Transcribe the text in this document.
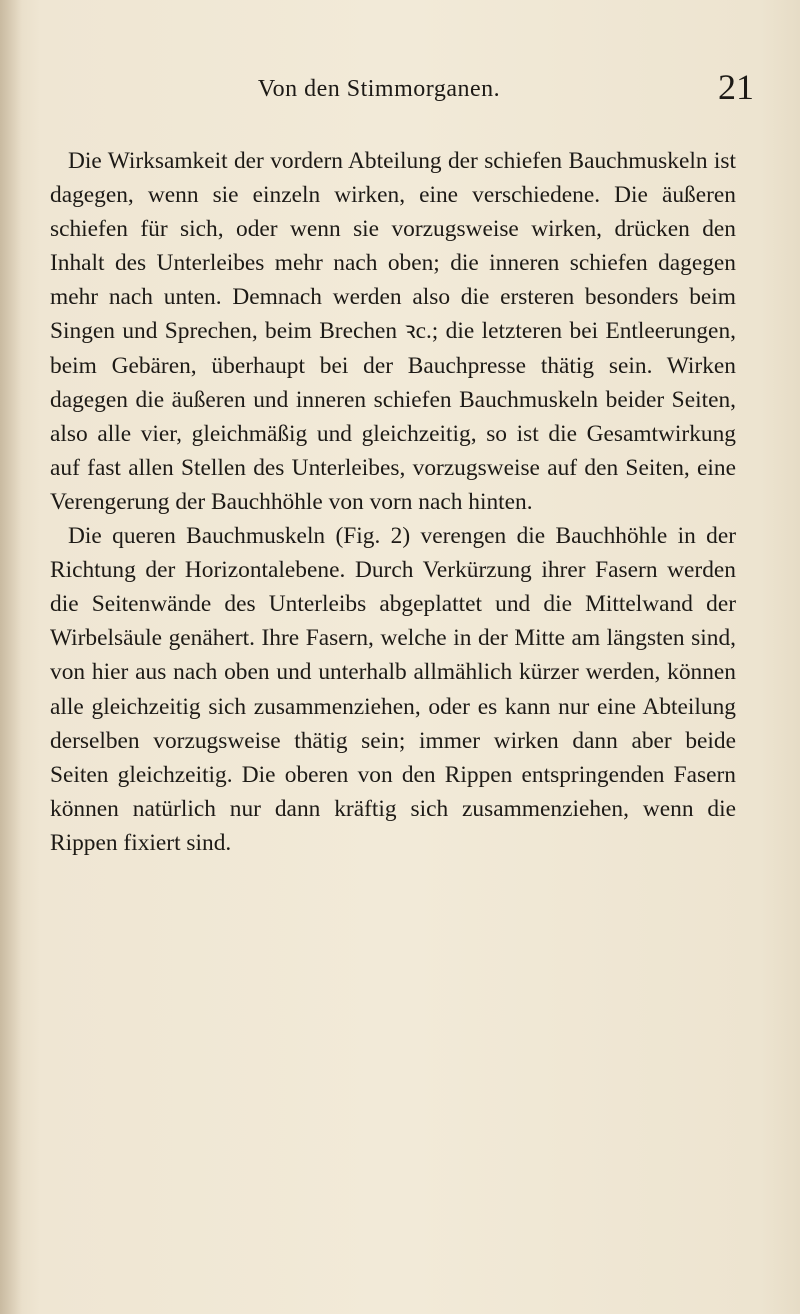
Von den Stimmorganen.	21

Die Wirksamkeit der vordern Abteilung der schiefen Bauchmuskeln ist dagegen, wenn sie einzeln wirken, eine verschiedene. Die äußeren schiefen für sich, oder wenn sie vorzugsweise wirken, drücken den Inhalt des Unterleibes mehr nach oben; die inneren schiefen dagegen mehr nach unten. Demnach werden also die ersteren besonders beim Singen und Sprechen, beim Brechen ꝛc.; die letzteren bei Entleerungen, beim Gebären, überhaupt bei der Bauchpresse thätig sein. Wirken dagegen die äußeren und inneren schiefen Bauchmuskeln beider Seiten, also alle vier, gleichmäßig und gleichzeitig, so ist die Gesamtwirkung auf fast allen Stellen des Unterleibes, vorzugsweise auf den Seiten, eine Verengerung der Bauchhöhle von vorn nach hinten.

Die queren Bauchmuskeln (Fig. 2) verengen die Bauchhöhle in der Richtung der Horizontalebene. Durch Verkürzung ihrer Fasern werden die Seitenwände des Unterleibs abgeplattet und die Mittelwand der Wirbelsäule genähert. Ihre Fasern, welche in der Mitte am längsten sind, von hier aus nach oben und unterhalb allmählich kürzer werden, können alle gleichzeitig sich zusammenziehen, oder es kann nur eine Abteilung derselben vorzugsweise thätig sein; immer wirken dann aber beide Seiten gleichzeitig. Die oberen von den Rippen entspringenden Fasern können natürlich nur dann kräftig sich zusammenziehen, wenn die Rippen fixiert sind.
